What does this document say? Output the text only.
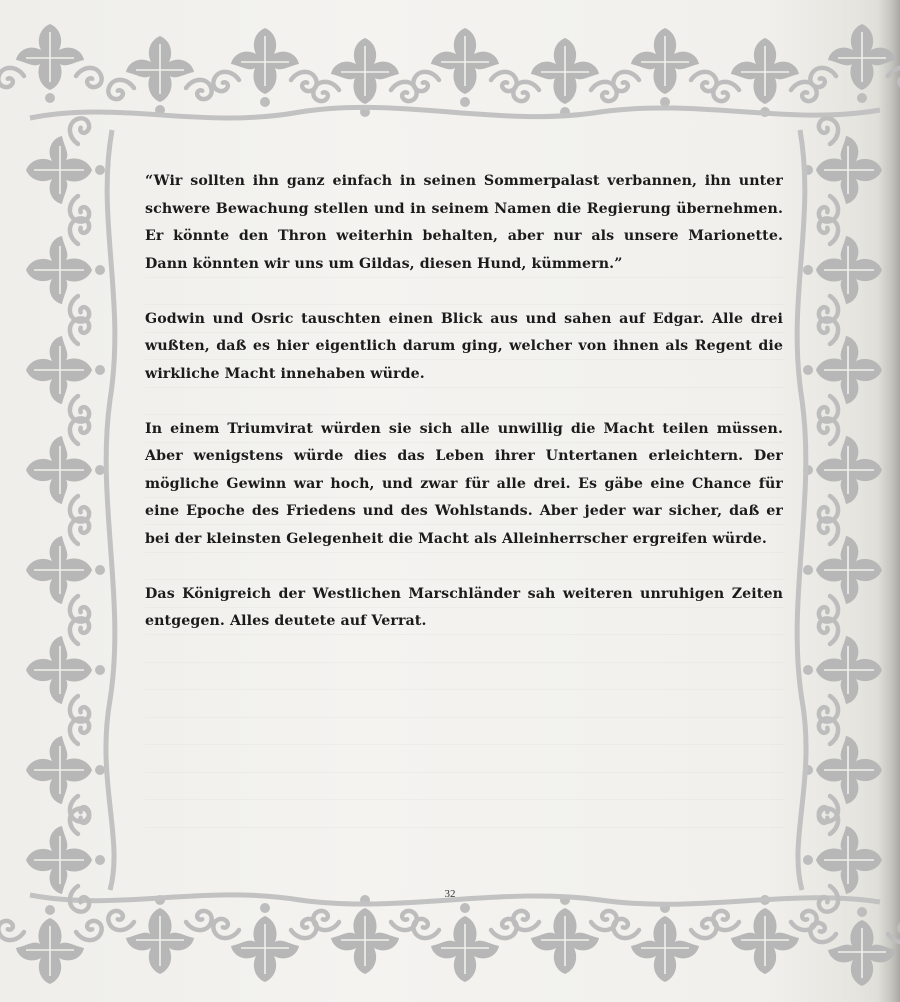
“Wir sollten ihn ganz einfach in seinen Sommerpalast verbannen, ihn unter schwere Bewachung stellen und in seinem Namen die Regierung übernehmen. Er könnte den Thron weiterhin behalten, aber nur als unsere Marionette. Dann könnten wir uns um Gildas, diesen Hund, kümmern.”

Godwin und Osric tauschten einen Blick aus und sahen auf Edgar. Alle drei wußten, daß es hier eigentlich darum ging, welcher von ihnen als Regent die wirkliche Macht innehaben würde.

In einem Triumvirat würden sie sich alle unwillig die Macht teilen müssen. Aber wenigstens würde dies das Leben ihrer Untertanen erleichtern. Der mögliche Gewinn war hoch, und zwar für alle drei. Es gäbe eine Chance für eine Epoche des Friedens und des Wohlstands. Aber jeder war sicher, daß er bei der kleinsten Gelegenheit die Macht als Alleinherrscher ergreifen würde.

Das Königreich der Westlichen Marschländer sah weiteren unruhigen Zeiten entgegen. Alles deutete auf Verrat.

32
